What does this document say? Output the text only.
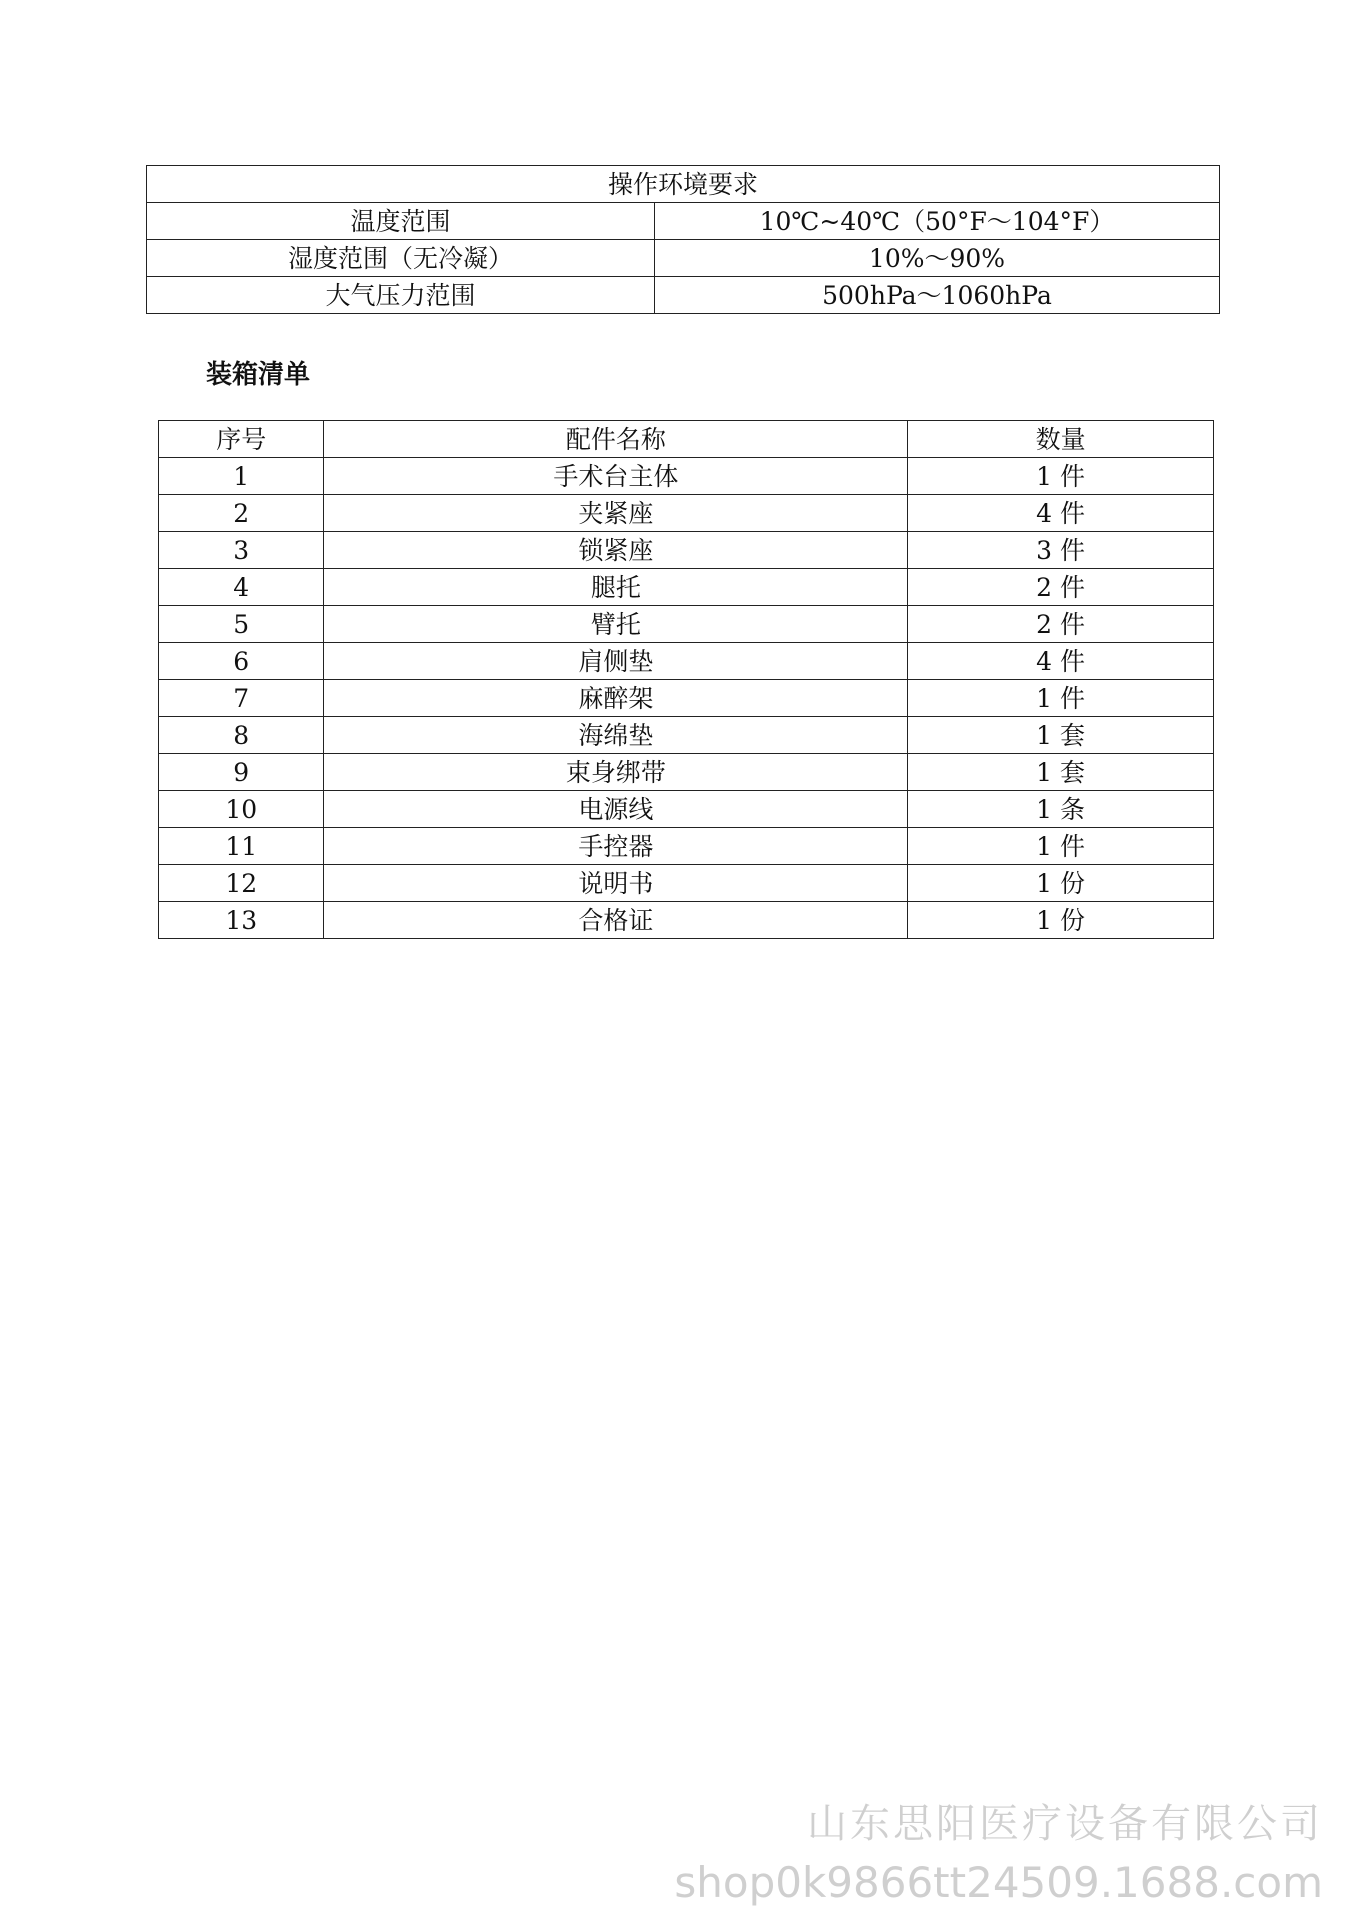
操作环境要求	
温度范围	10℃~40℃（50°F～104°F）
湿度范围（无冷凝）	10%～90%
大气压力范围	500hPa～1060hPa
装箱清单
序号	配件名称	数量
1	手术台主体	1 件
2	夹紧座	4 件
3	锁紧座	3 件
4	腿托	2 件
5	臂托	2 件
6	肩侧垫	4 件
7	麻醉架	1 件
8	海绵垫	1 套
9	束身绑带	1 套
10	电源线	1 条
11	手控器	1 件
12	说明书	1 份
13	合格证	1 份
山东思阳医疗设备有限公司
shop0k9866tt24509.1688.com
